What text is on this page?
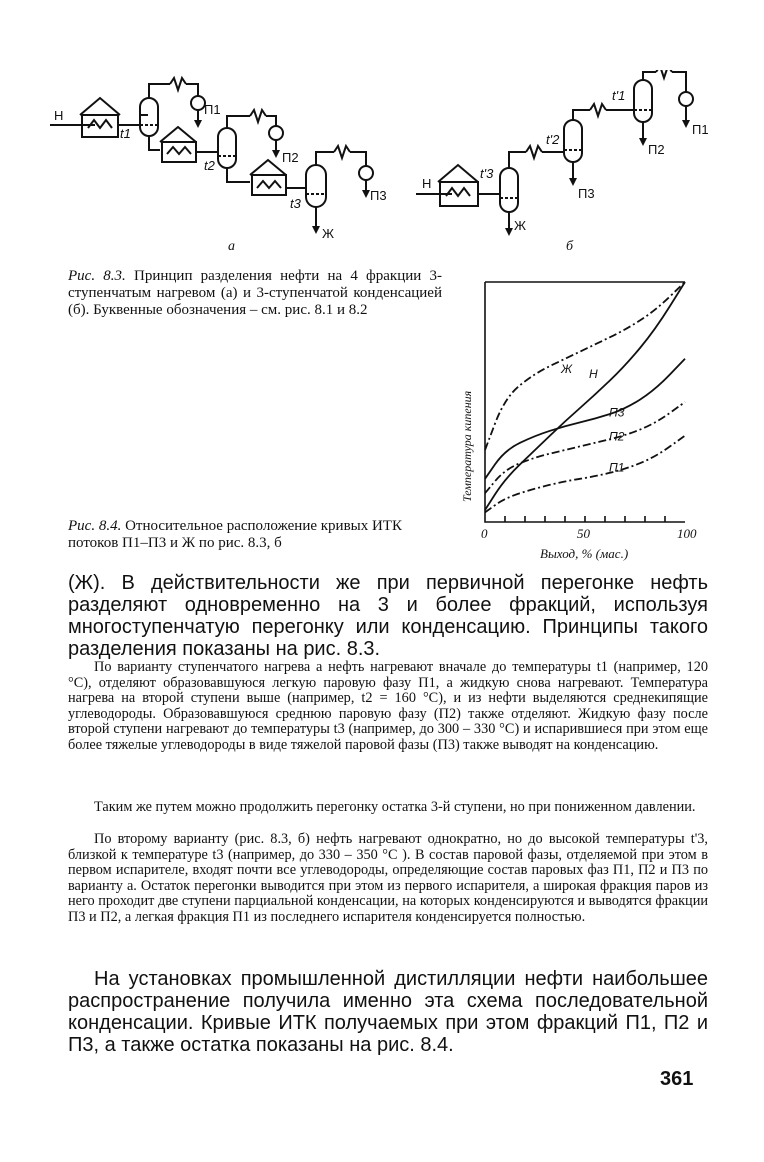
Н
t1
t2
t3
П1
П2
П3
Ж
а
Н
t'3
t'2
t'1
П1
П2
П3
Ж
б
Рис. 8.3. Принцип разделения нефти на 4 фракции 3-ступенчатым нагревом (а) и 3-ступенчатой конденсацией (б). Буквенные обозначения – см. рис. 8.1 и 8.2
0	50	100
Выход, % (мас.)
Температура кипения
Ж Н
П3
П2
П1
Рис. 8.4. Относительное расположение кривых ИТК потоков П1–П3 и Ж по рис. 8.3, б

(Ж). В действительности же при первичной перегонке нефть разделяют одновременно на 3 и более фракций, используя многоступенчатую перегонку или конденсацию. Принципы такого разделения показаны на рис. 8.3.

По варианту ступенчатого нагрева а нефть нагревают вначале до температуры t1 (например, 120 °С), отделяют образовавшуюся легкую паровую фазу П1, а жидкую снова нагревают. Температура нагрева на второй ступени выше (например, t2 = 160 °С), и из нефти выделяются среднекипящие углеводороды. Образовавшуюся среднюю паровую фазу (П2) также отделяют. Жидкую фазу после второй ступени нагревают до температуры t3 (например, до 300 – 330 °С) и испарившиеся при этом еще более тяжелые углеводороды в виде тяжелой паровой фазы (П3) также выводят на конденсацию.

Таким же путем можно продолжить перегонку остатка 3-й ступени, но при пониженном давлении.

По второму варианту (рис. 8.3, б) нефть нагревают однократно, но до высокой температуры t'3, близкой к температуре t3 (например, до 330 – 350 °С ). В состав паровой фазы, отделяемой при этом в первом испарителе, входят почти все углеводороды, определяющие состав паровых фаз П1, П2 и П3 по варианту а. Остаток перегонки выводится при этом из первого испарителя, а широкая фракция паров из него проходит две ступени парциальной конденсации, на которых конденсируются и выводятся фракции П3 и П2, а легкая фракция П1 из последнего испарителя конденсируется полностью.

На установках промышленной дистилляции нефти наибольшее распространение получила именно эта схема последовательной конденсации. Кривые ИТК получаемых при этом фракций П1, П2 и П3, а также остатка показаны на рис. 8.4.

361
